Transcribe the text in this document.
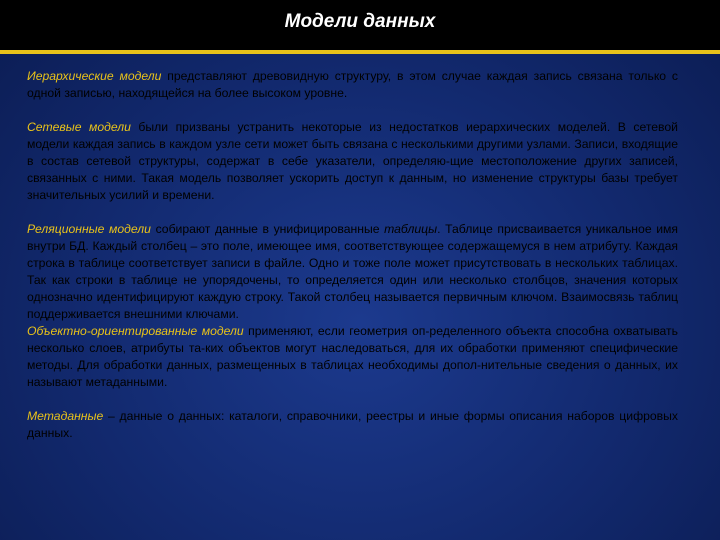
Модели данных

Иерархические модели представляют древовидную структуру, в этом случае каждая запись связана только с одной записью, находящейся на более высоком уровне.

Сетевые модели были призваны устранить некоторые из недостатков иерархических моделей. В сетевой модели каждая запись в каждом узле сети может быть связана с несколькими другими узлами. Записи, входящие в состав сетевой структуры, содержат в себе указатели, определяю-щие местоположение других записей, связанных с ними. Такая модель позволяет ускорить доступ к данным, но изменение структуры базы требует значительных усилий и времени.

Реляционные модели собирают данные в унифицированные таблицы. Таблице присваивается уникальное имя внутри БД. Каждый столбец – это поле, имеющее имя, соответствующее содержащемуся в нем атрибуту. Каждая строка в таблице соответствует записи в файле. Одно и тоже поле может присутствовать в нескольких таблицах. Так как строки в таблице не упорядочены, то определяется один или несколько столбцов, значения которых однозначно идентифицируют каждую строку. Такой столбец называется первичным ключом. Взаимосвязь таблиц поддерживается внешними ключами.

Объектно-ориентированные модели применяют, если геометрия оп-ределенного объекта способна охватывать несколько слоев, атрибуты та-ких объектов могут наследоваться, для их обработки применяют специфические методы. Для обработки данных, размещенных в таблицах необходимы допол-нительные сведения о данных, их называют метаданными.

Метаданные – данные о данных: каталоги, справочники, реестры и иные формы описания наборов цифровых данных.
